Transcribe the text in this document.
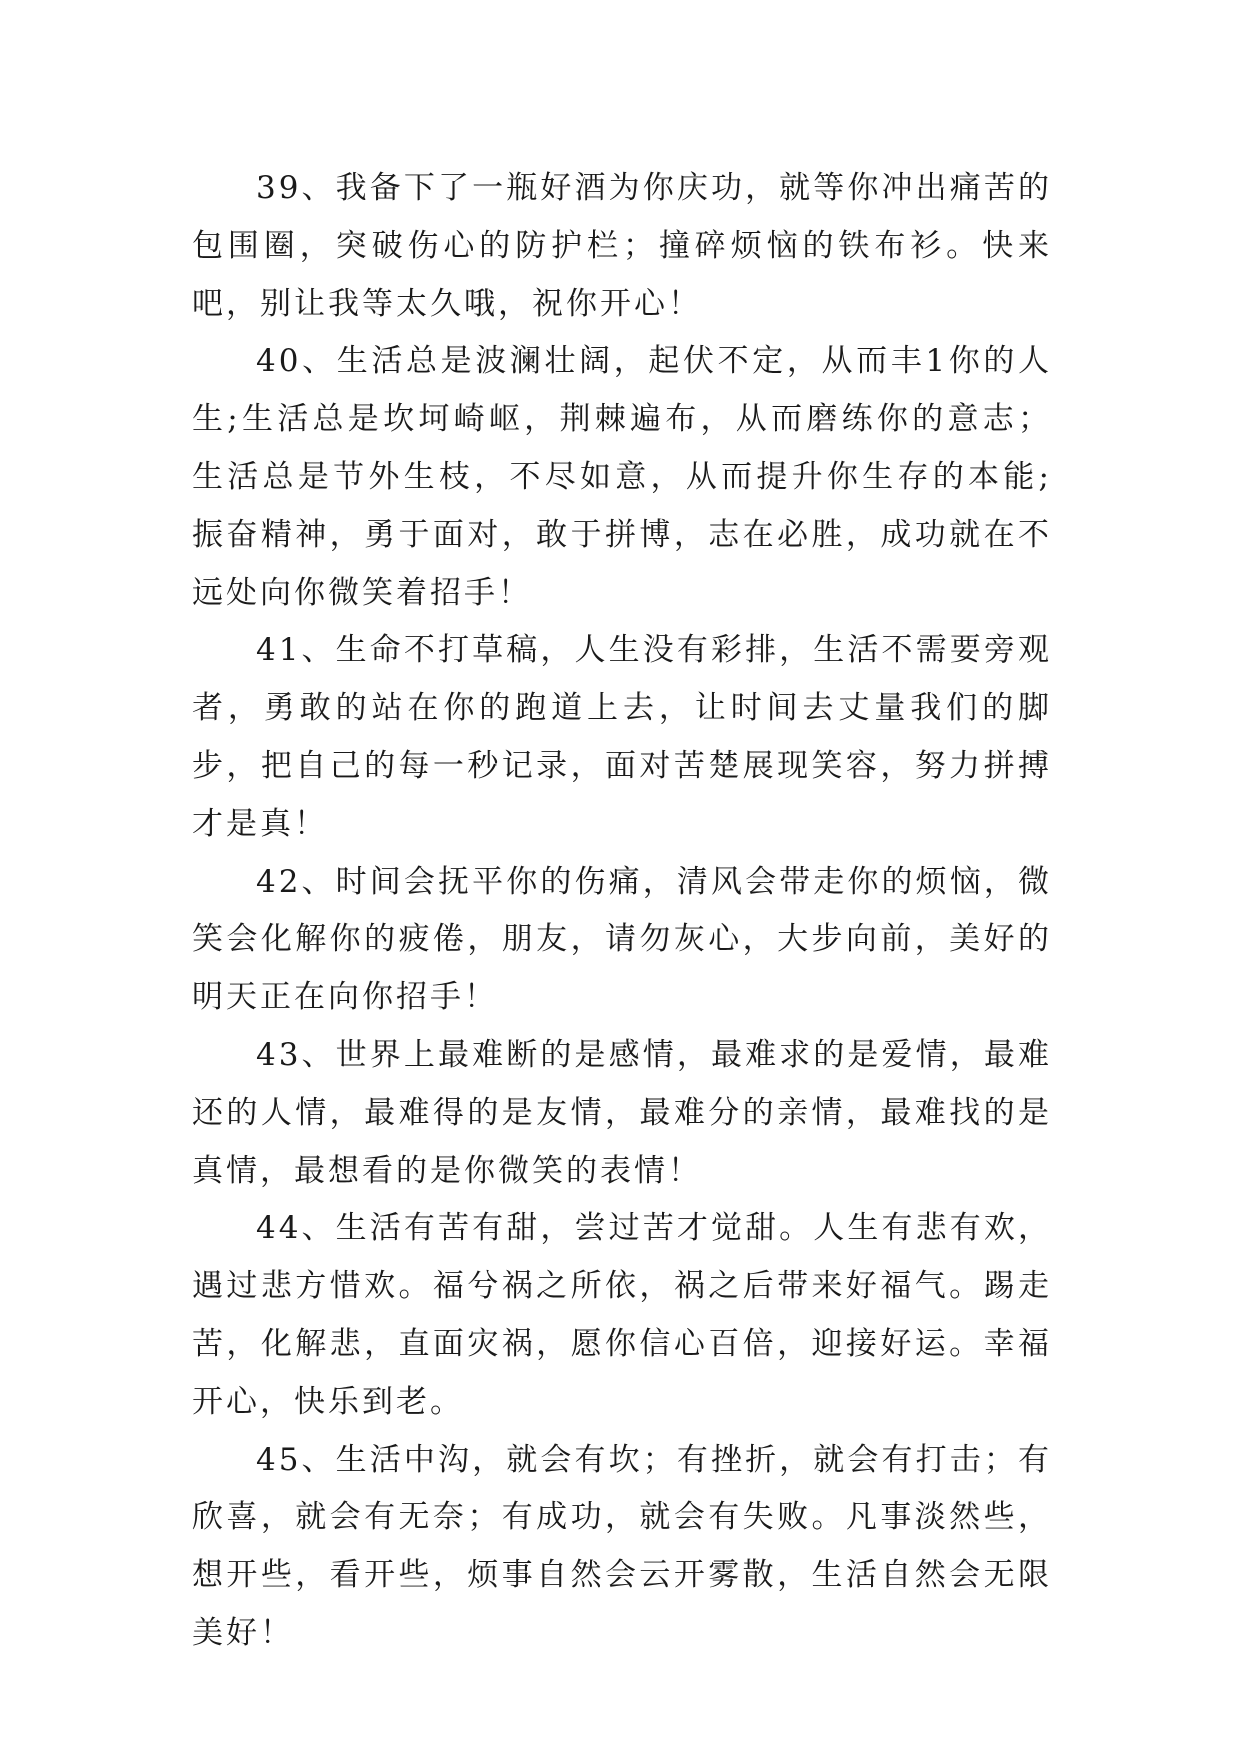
39、我备下了一瓶好酒为你庆功，就等你冲出痛苦的包围圈，突破伤心的防护栏；撞碎烦恼的铁布衫。快来吧，别让我等太久哦，祝你开心！

40、生活总是波澜壮阔，起伏不定，从而丰1你的人生;生活总是坎坷崎岖，荆棘遍布，从而磨练你的意志；生活总是节外生枝，不尽如意，从而提升你生存的本能;振奋精神，勇于面对，敢于拼博，志在必胜，成功就在不远处向你微笑着招手！

41、生命不打草稿，人生没有彩排，生活不需要旁观者，勇敢的站在你的跑道上去，让时间去丈量我们的脚步，把自己的每一秒记录，面对苦楚展现笑容，努力拼搏才是真！

42、时间会抚平你的伤痛，清风会带走你的烦恼，微笑会化解你的疲倦，朋友，请勿灰心，大步向前，美好的明天正在向你招手！

43、世界上最难断的是感情，最难求的是爱情，最难还的人情，最难得的是友情，最难分的亲情，最难找的是真情，最想看的是你微笑的表情！

44、生活有苦有甜，尝过苦才觉甜。人生有悲有欢，遇过悲方惜欢。福兮祸之所依，祸之后带来好福气。踢走苦，化解悲，直面灾祸，愿你信心百倍，迎接好运。幸福开心，快乐到老。

45、生活中沟，就会有坎；有挫折，就会有打击；有欣喜，就会有无奈；有成功，就会有失败。凡事淡然些，想开些，看开些，烦事自然会云开雾散，生活自然会无限美好！
